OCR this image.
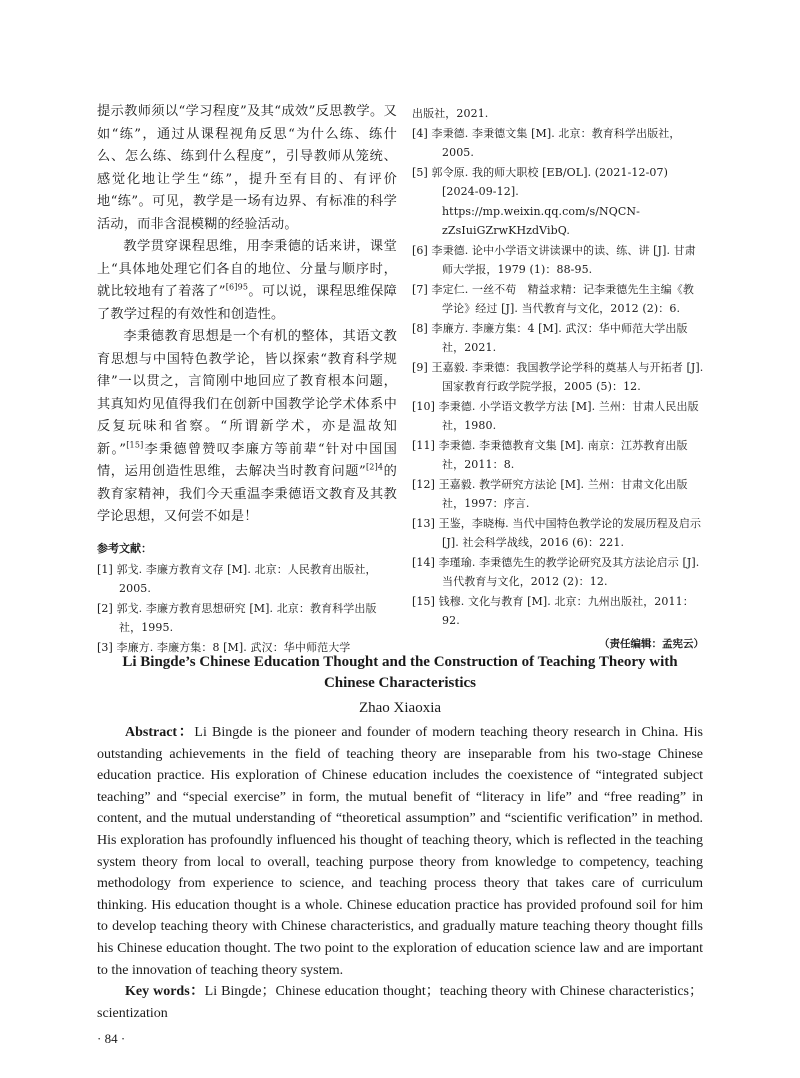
提示教师须以“学习程度”及其“成效”反思教学。又如“练”，通过从课程视角反思“为什么练、练什么、怎么练、练到什么程度”，引导教师从笼统、感觉化地让学生“练”，提升至有目的、有评价地“练”。可见，教学是一场有边界、有标准的科学活动，而非含混模糊的经验活动。

教学贯穿课程思维，用李秉德的话来讲，课堂上“具体地处理它们各自的地位、分量与顺序时，就比较地有了着落了”$^{[6]95}$。可以说，课程思维保障了教学过程的有效性和创造性。

李秉德教育思想是一个有机的整体，其语文教育思想与中国特色教学论，皆以探索“教育科学规律”一以贯之，言简刚中地回应了教育根本问题，其真知灼见值得我们在创新中国教学论学术体系中反复玩味和省察。“所谓新学术，亦是温故知新。”[15]李秉德曾赞叹李廉方等前辈“针对中国国情，运用创造性思维，去解决当时教育问题”$^{[2]4}$的教育家精神，我们今天重温李秉德语文教育及其教学论思想，又何尝不如是！

参考文献：

[1] 郭戈. 李廉方教育文存 [M]. 北京：人民教育出版社，2005.

[2] 郭戈. 李廉方教育思想研究 [M]. 北京：教育科学出版社，1995.

[3] 李廉方. 李廉方集：8 [M]. 武汉：华中师范大学

出版社，2021.

[4] 李秉德. 李秉德文集 [M]. 北京：教育科学出版社，2005.

[5] 郭令原. 我的师大职校 [EB/OL]. (2021-12-07) [2024-09-12]. https://mp.weixin.qq.com/s/NQCN-zZsIuiGZrwKHzdVibQ.

[6] 李秉德. 论中小学语文讲读课中的读、练、讲 [J]. 甘肃师大学报，1979 (1)：88-95.

[7] 李定仁. 一丝不苟　精益求精：记李秉德先生主编《教学论》经过 [J]. 当代教育与文化，2012 (2)：6.

[8] 李廉方. 李廉方集：4 [M]. 武汉：华中师范大学出版社，2021.

[9] 王嘉毅. 李秉德：我国教学论学科的奠基人与开拓者 [J]. 国家教育行政学院学报，2005 (5)：12.

[10] 李秉德. 小学语文教学方法 [M]. 兰州：甘肃人民出版社，1980.

[11] 李秉德. 李秉德教育文集 [M]. 南京：江苏教育出版社，2011：8.

[12] 王嘉毅. 教学研究方法论 [M]. 兰州：甘肃文化出版社，1997：序言.

[13] 王鉴，李晓梅. 当代中国特色教学论的发展历程及启示 [J]. 社会科学战线，2016 (6)：221.

[14] 李瑾瑜. 李秉德先生的教学论研究及其方法论启示 [J]. 当代教育与文化，2012 (2)：12.

[15] 钱穆. 文化与教育 [M]. 北京：九州出版社，2011：92.

（责任编辑：孟宪云）
Li Bingde’s Chinese Education Thought and the Construction of Teaching Theory with Chinese Characteristics
Zhao Xiaoxia

Abstract：Li Bingde is the pioneer and founder of modern teaching theory research in China. His outstanding achievements in the field of teaching theory are inseparable from his two-stage Chinese education practice. His exploration of Chinese education includes the coexistence of “integrated subject teaching” and “special exercise” in form, the mutual benefit of “literacy in life” and “free reading” in content, and the mutual understanding of “theoretical assumption” and “scientific verification” in method. His exploration has profoundly influenced his thought of teaching theory, which is reflected in the teaching system theory from local to overall, teaching purpose theory from knowledge to competency, teaching methodology from experience to science, and teaching process theory that takes care of curriculum thinking. His education thought is a whole. Chinese education practice has provided profound soil for him to develop teaching theory with Chinese characteristics, and gradually mature teaching theory thought fills his Chinese education thought. The two point to the exploration of education science law and are important to the innovation of teaching theory system.

Key words：Li Bingde；Chinese education thought；teaching theory with Chinese characteristics；scientization

· 84 ·
